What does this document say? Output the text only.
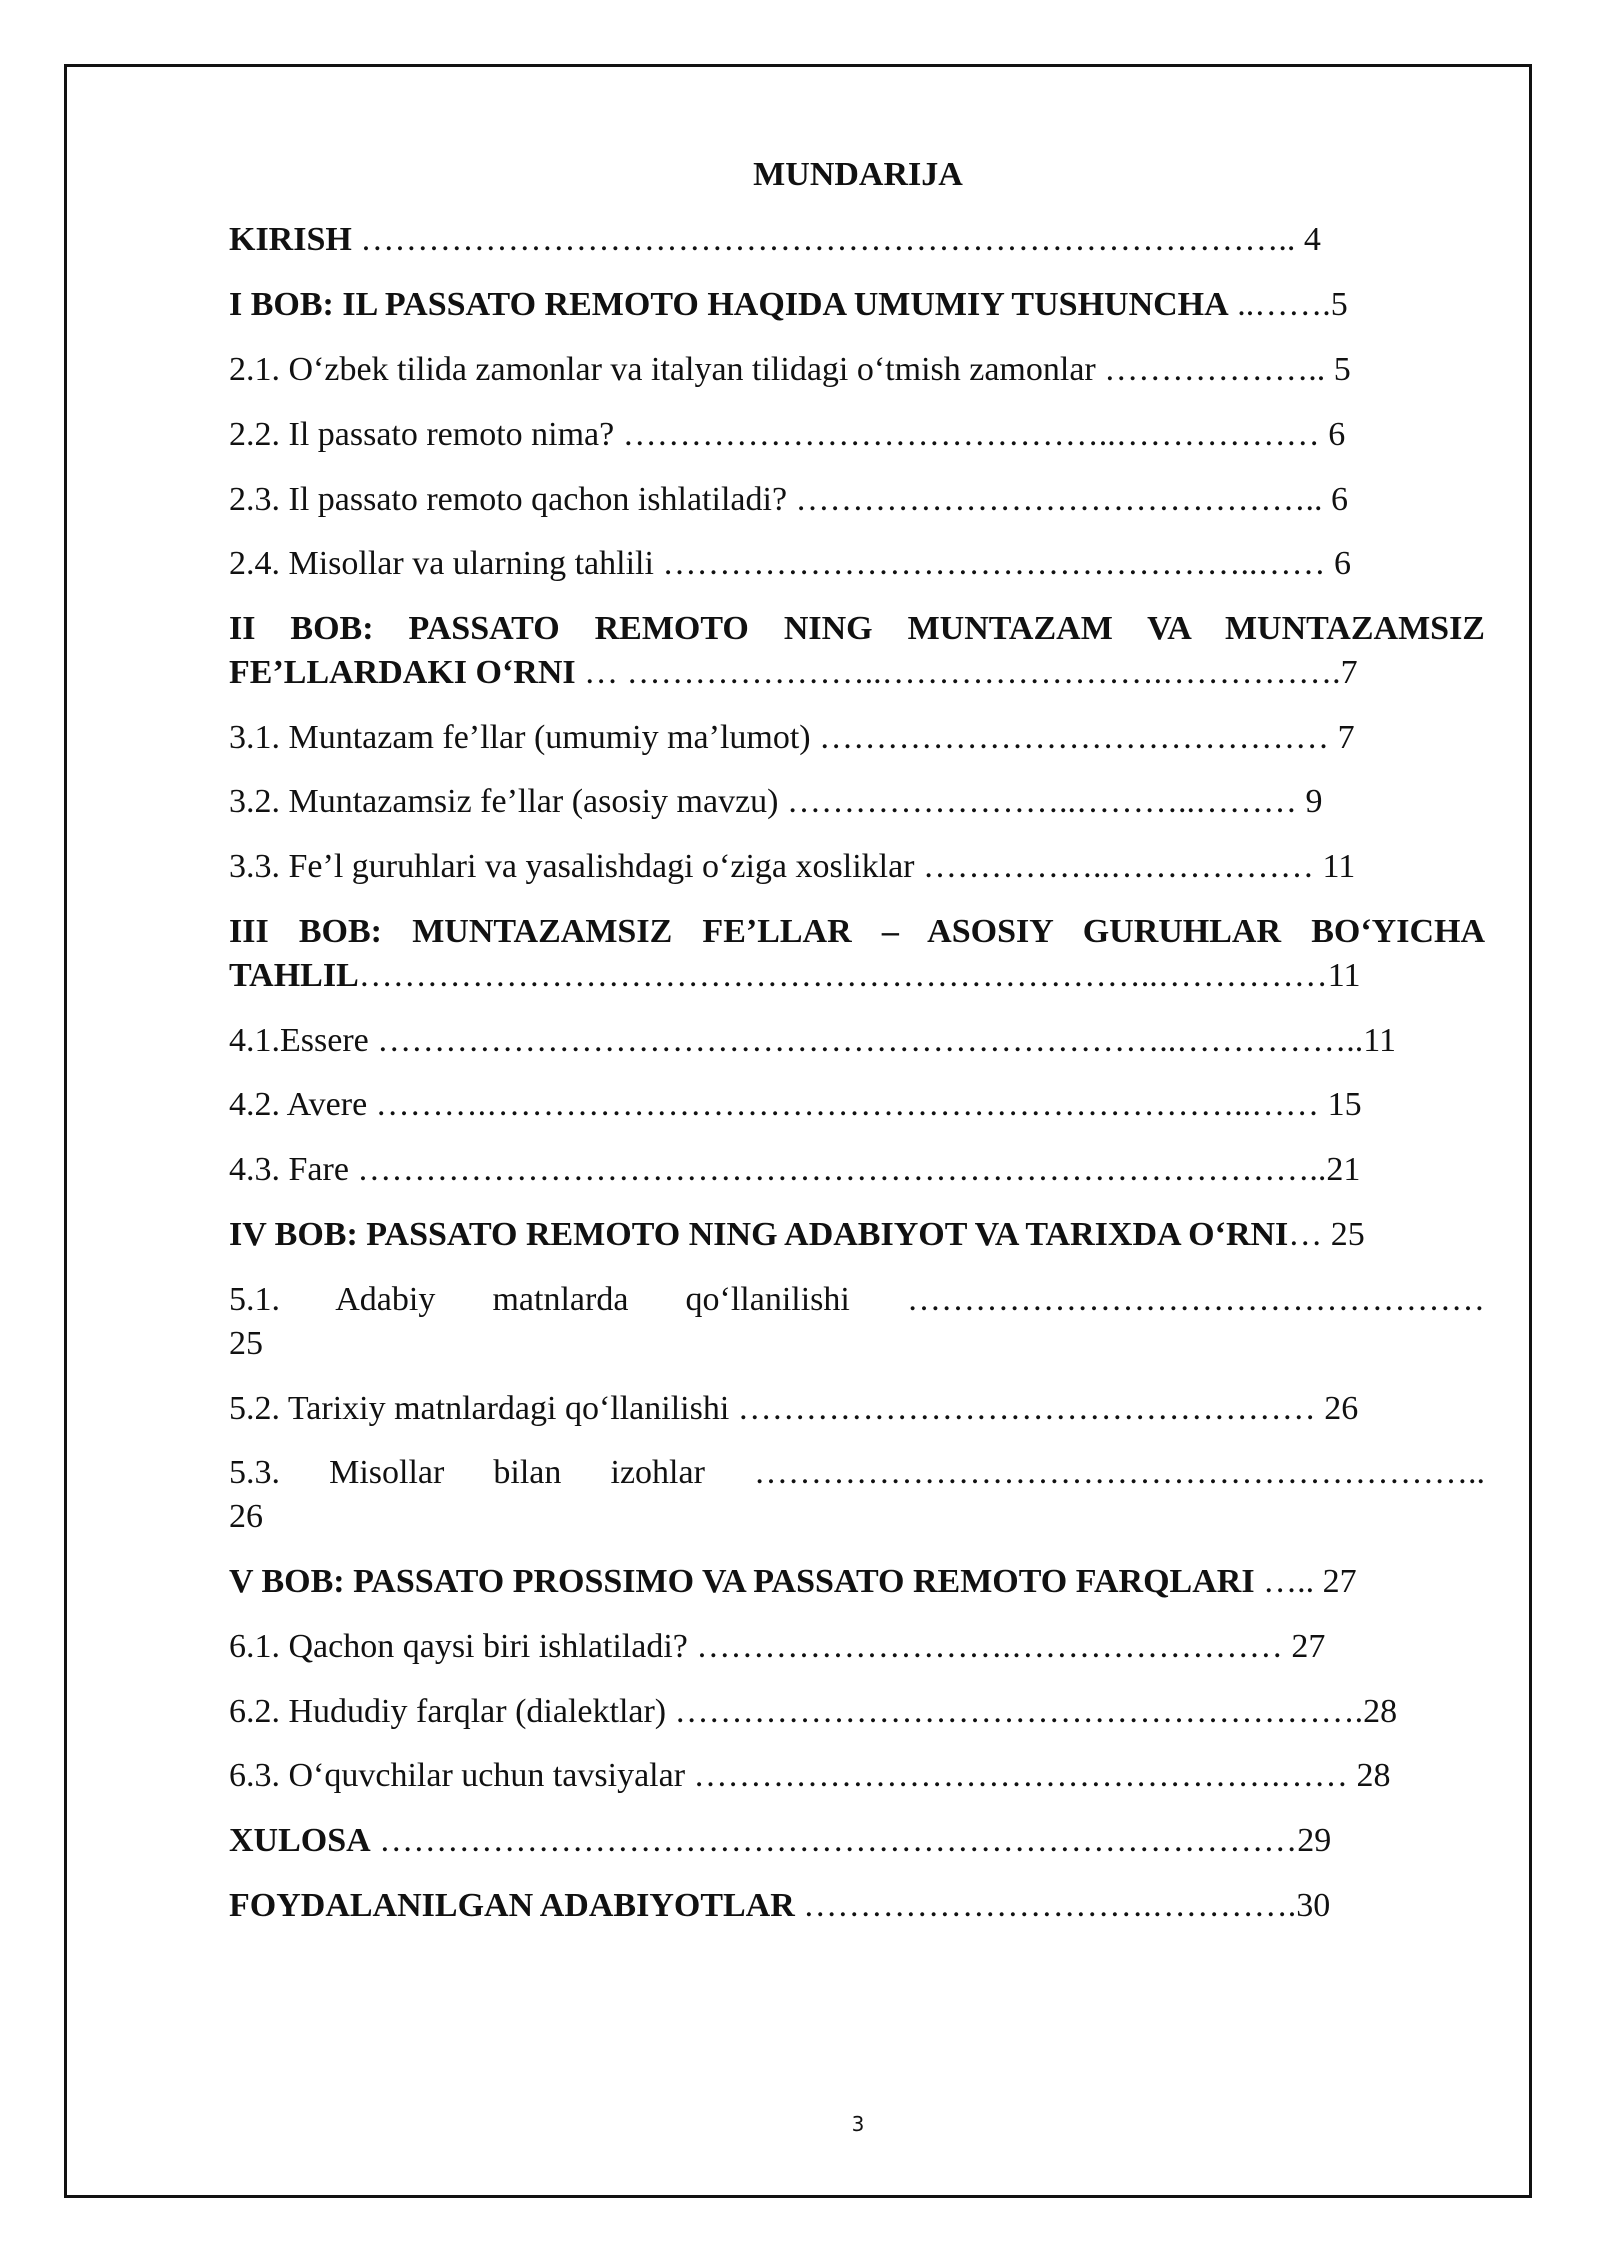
MUNDARIJA

KIRISH ……………………………………………………………………….. 4

I BOB: IL PASSATO REMOTO HAQIDA UMUMIY TUSHUNCHA ..…….5

2.1. O‘zbek tilida zamonlar va italyan tilidagi o‘tmish zamonlar ……………….. 5

2.2. Il passato remoto nima? ……………………………………..……………… 6

2.3. Il passato remoto qachon ishlatiladi? ……………………………………….. 6

2.4. Misollar va ularning tahlili ……………………………………………..…… 6

II BOB: PASSATO REMOTO NING MUNTAZAM VA MUNTAZAMSIZ

FE’LLARDAKI O‘RNI … …………………..…………………….…………….7

3.1. Muntazam fe’llar (umumiy ma’lumot) ……………………………………… 7

3.2. Muntazamsiz fe’llar (asosiy mavzu) ……………………..………..……… 9

3.3. Fe’l guruhlari va yasalishdagi o‘ziga xosliklar ……………..……………… 11

III BOB: MUNTAZAMSIZ FE’LLAR – ASOSIY GURUHLAR BO‘YICHA

TAHLIL……………………………………………………………..……………11

4.1.Essere ……………………………………………………………..……………..11

4.2. Avere ……….…………………………………………………………..…… 15

4.3. Fare …………………………………………………………………………..21

IV BOB: PASSATO REMOTO NING ADABIYOT VA TARIXDA O‘RNI… 25

5.1. Adabiy matnlarda qo‘llanilishi ……………………………………………

25

5.2. Tarixiy matnlardagi qo‘llanilishi …………………………………………… 26

5.3. Misollar bilan izohlar ………………………………………………………..

26

V BOB: PASSATO PROSSIMO VA PASSATO REMOTO FARQLARI ….. 27

6.1. Qachon qaysi biri ishlatiladi? ……………………….…………………… 27

6.2. Hududiy farqlar (dialektlar) …………………………………………………….28

6.3. O‘quvchilar uchun tavsiyalar …………………………………………….…… 28

XULOSA ………………………………………………………………………29

FOYDALANILGAN ADABIYOTLAR ………………………….………….30

3
